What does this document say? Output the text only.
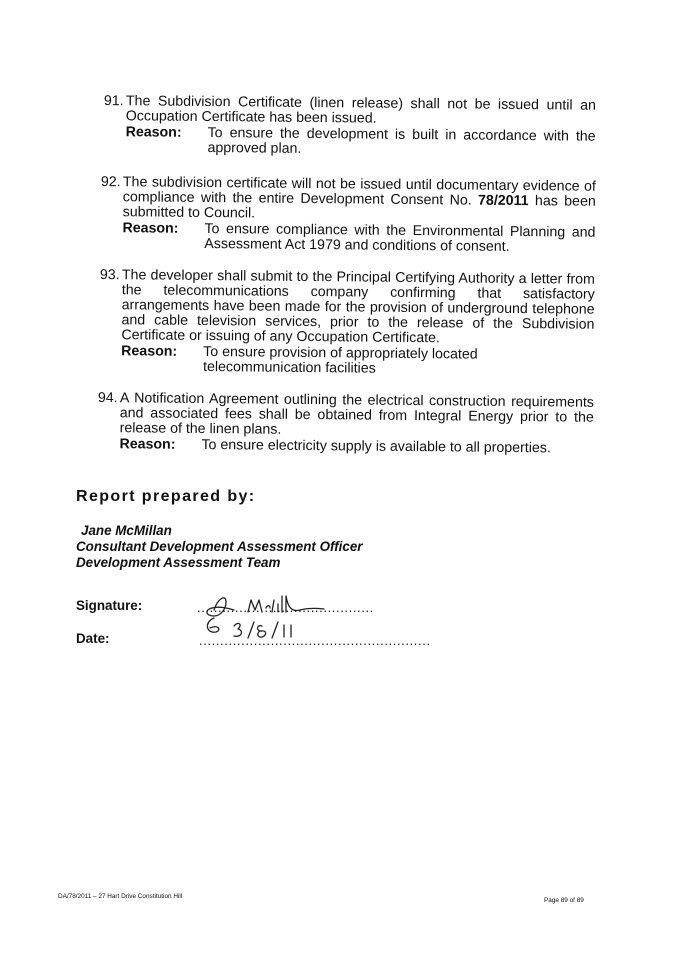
91. The Subdivision Certificate (linen release) shall not be issued until an Occupation Certificate has been issued.
Reason:	To ensure the development is built in accordance with the approved plan.
92. The subdivision certificate will not be issued until documentary evidence of compliance with the entire Development Consent No. 78/2011 has been submitted to Council.
Reason:	To ensure compliance with the Environmental Planning and Assessment Act 1979 and conditions of consent.
93. The developer shall submit to the Principal Certifying Authority a letter from the telecommunications company confirming that satisfactory arrangements have been made for the provision of underground telephone and cable television services, prior to the release of the Subdivision Certificate or issuing of any Occupation Certificate.
Reason:	To ensure provision of appropriately located telecommunication facilities
94. A Notification Agreement outlining the electrical construction requirements and associated fees shall be obtained from Integral Energy prior to the release of the linen plans.
Reason:	To ensure electricity supply is available to all properties.
Report prepared by:
Jane McMillan
Consultant Development Assessment Officer
Development Assessment Team
Signature:	..........................................
Date:	.......................................................
DA/78/2011 – 27 Hart Drive Constitution Hill
Page 89 of 89
